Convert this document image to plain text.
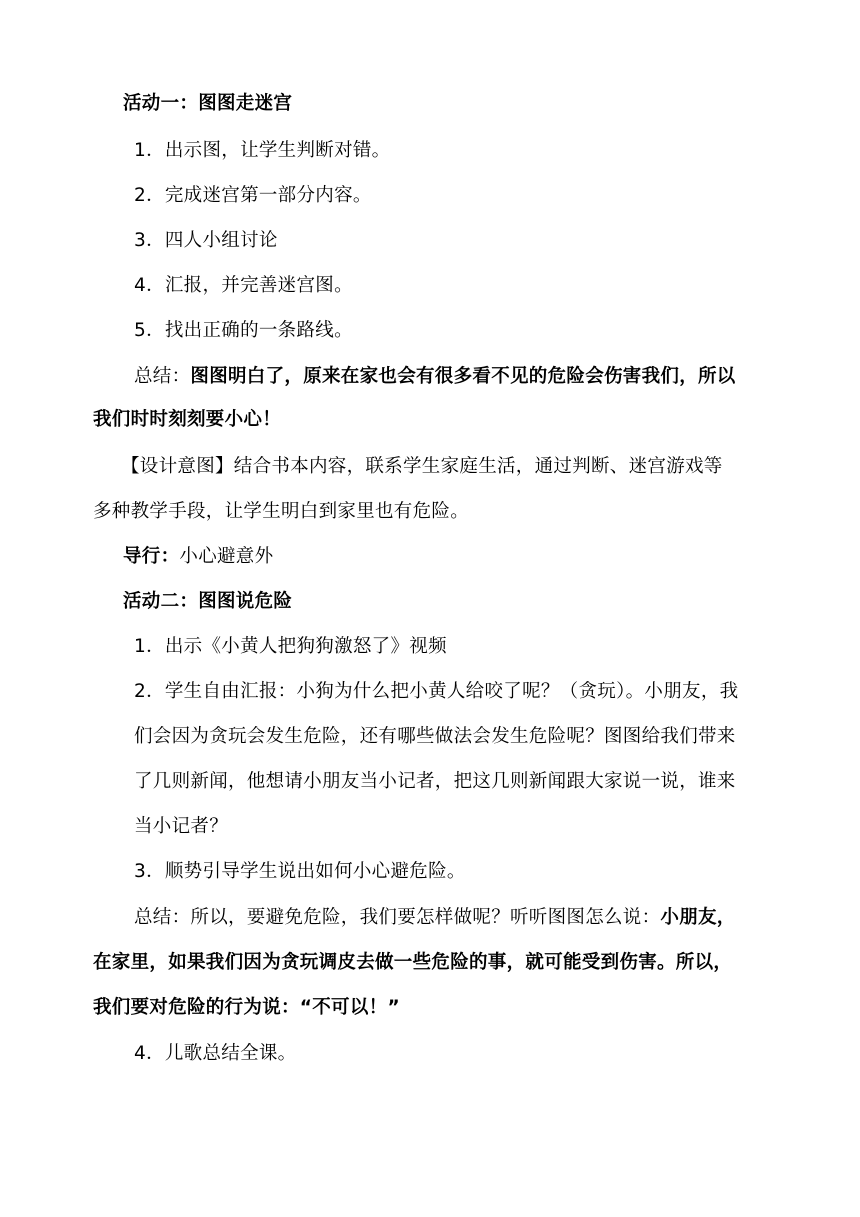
活动一：图图走迷宫
1．出示图，让学生判断对错。
2．完成迷宫第一部分内容。
3．四人小组讨论
4．汇报，并完善迷宫图。
5．找出正确的一条路线。
总结：图图明白了，原来在家也会有很多看不见的危险会伤害我们，所以
我们时时刻刻要小心！
【设计意图】结合书本内容，联系学生家庭生活，通过判断、迷宫游戏等
多种教学手段，让学生明白到家里也有危险。
导行：小心避意外
活动二：图图说危险
1．出示《小黄人把狗狗激怒了》视频
2．学生自由汇报：小狗为什么把小黄人给咬了呢？（贪玩）。小朋友，我
们会因为贪玩会发生危险，还有哪些做法会发生危险呢？图图给我们带来
了几则新闻，他想请小朋友当小记者，把这几则新闻跟大家说一说，谁来
当小记者？
3．顺势引导学生说出如何小心避危险。
总结：所以，要避免危险，我们要怎样做呢？听听图图怎么说：小朋友，
在家里，如果我们因为贪玩调皮去做一些危险的事，就可能受到伤害。所以，
我们要对危险的行为说：“不可以！”
4．儿歌总结全课。
